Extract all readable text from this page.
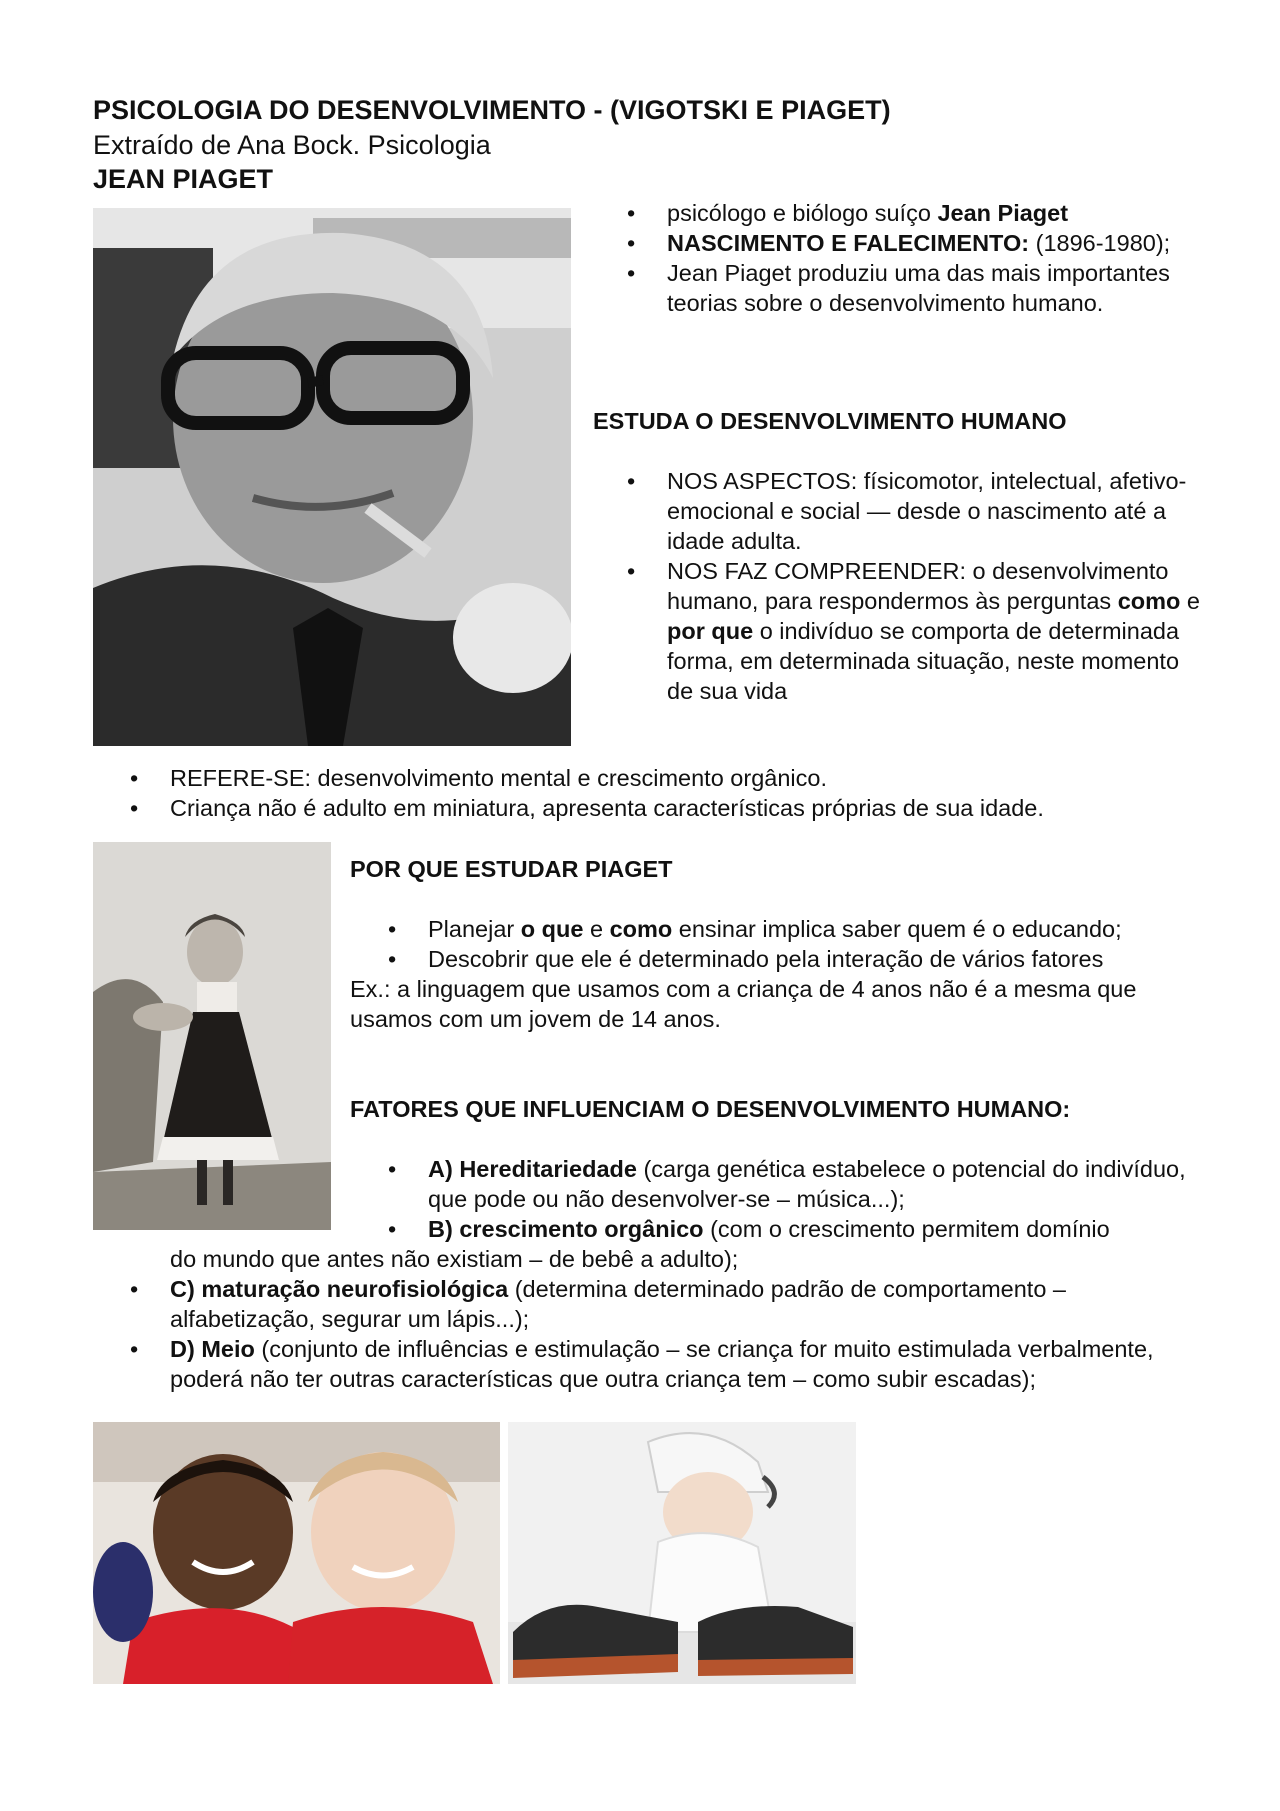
PSICOLOGIA DO DESENVOLVIMENTO - (VIGOTSKI E PIAGET)
Extraído de Ana Bock. Psicologia
JEAN PIAGET
• psicólogo e biólogo suíço Jean Piaget
• NASCIMENTO E FALECIMENTO: (1896-1980);
• Jean Piaget produziu uma das mais importantes teorias sobre o desenvolvimento humano.
ESTUDA O DESENVOLVIMENTO HUMANO
• NOS ASPECTOS: físicomotor, intelectual, afetivo-emocional e social — desde o nascimento até a idade adulta.
• NOS FAZ COMPREENDER: o desenvolvimento humano, para respondermos às perguntas como e por que o indivíduo se comporta de determinada forma, em determinada situação, neste momento de sua vida
• REFERE-SE: desenvolvimento mental e crescimento orgânico.
• Criança não é adulto em miniatura, apresenta características próprias de sua idade.
POR QUE ESTUDAR PIAGET
• Planejar o que e como ensinar implica saber quem é o educando;
• Descobrir que ele é determinado pela interação de vários fatores
Ex.: a linguagem que usamos com a criança de 4 anos não é a mesma que usamos com um jovem de 14 anos.
FATORES QUE INFLUENCIAM O DESENVOLVIMENTO HUMANO:
• A) Hereditariedade (carga genética estabelece o potencial do indivíduo, que pode ou não desenvolver-se – música...);
• B) crescimento orgânico (com o crescimento permitem domínio
do mundo que antes não existiam – de bebê a adulto);
• C) maturação neurofisiológica (determina determinado padrão de comportamento – alfabetização, segurar um lápis...);
• D) Meio (conjunto de influências e estimulação – se criança for muito estimulada verbalmente, poderá não ter outras características que outra criança tem – como subir escadas);
